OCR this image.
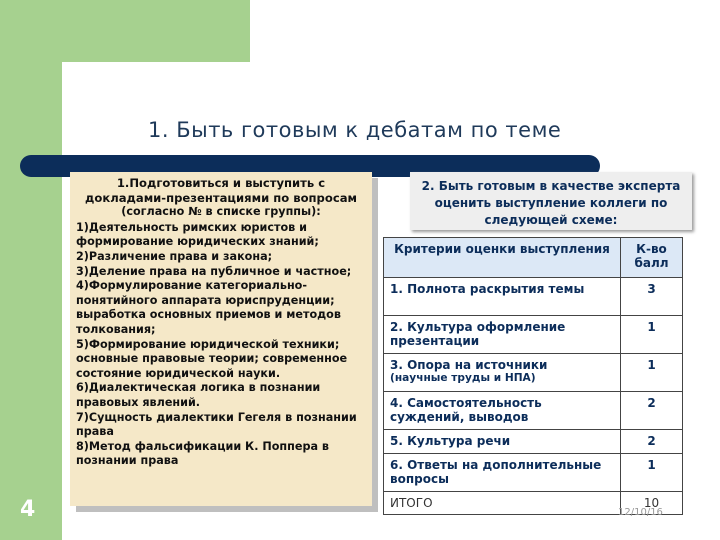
4
1. Быть готовым к дебатам по теме
1.Подготовиться и выступить с докладами-презентациями по вопросам
(согласно № в списке группы):
1)Деятельность римских юристов и формирование юридических знаний;
2)Различение права и закона;
3)Деление права на публичное и частное;
4)Формулирование категориально-понятийного аппарата юриспруденции; выработка основных приемов и методов толкования;
5)Формирование юридической техники; основные правовые теории; современное состояние юридической науки.
6)Диалектическая логика в познании правовых явлений.
7)Сущность диалектики Гегеля в познании права
8)Метод фальсификации К. Поппера в познании права
2. Быть готовым в качестве эксперта оценить выступление коллеги по следующей схеме:
Критерии оценки выступления	К-во балл
1. Полнота раскрытия темы	3
2. Культура оформление презентации	1

3. Опора на источники
(научные труды и НПА)	1
4. Самостоятельность суждений, выводов	2
5. Культура речи	2
6. Ответы на дополнительные вопросы	1
ИТОГО	10
12/10/16
